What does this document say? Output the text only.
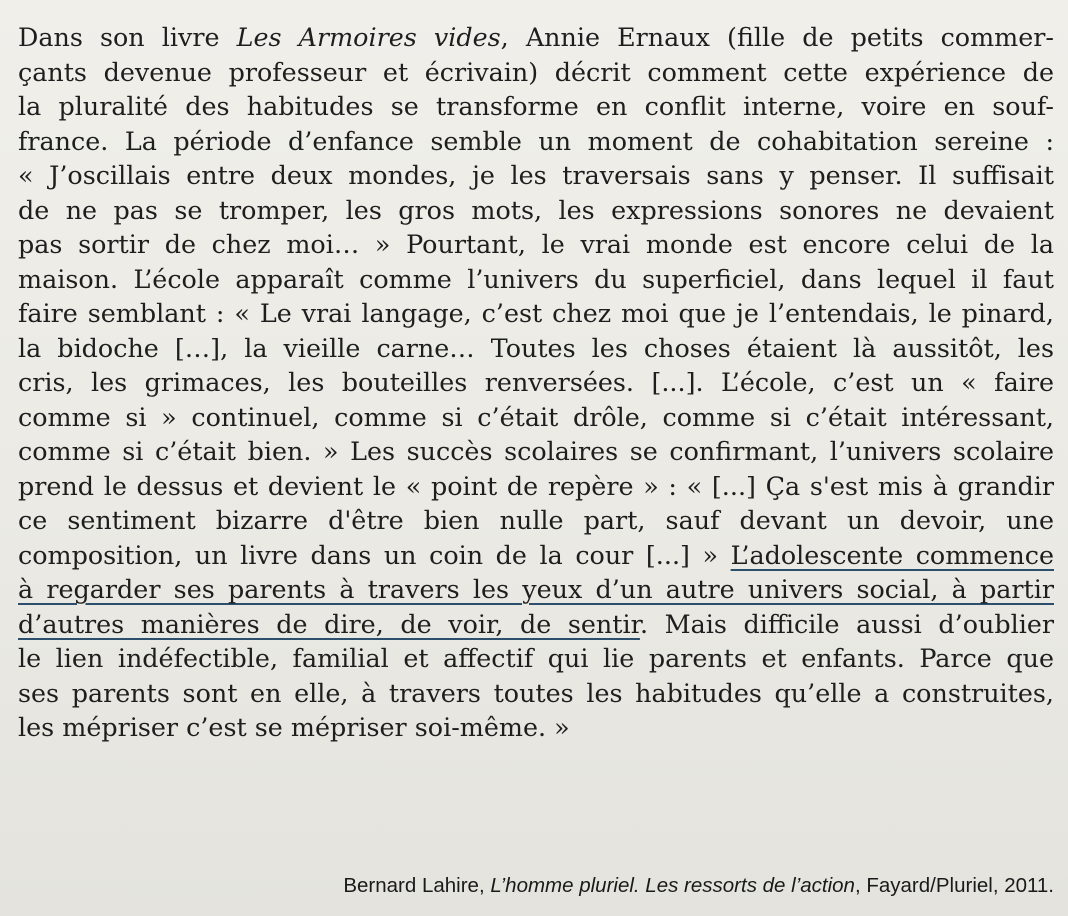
Dans son livre Les Armoires vides, Annie Ernaux (fille de petits commer-
çants devenue professeur et écrivain) décrit comment cette expérience de
la pluralité des habitudes se transforme en conflit interne, voire en souf-
france. La période d’enfance semble un moment de cohabitation sereine :
« J’oscillais entre deux mondes, je les traversais sans y penser. Il suffisait
de ne pas se tromper, les gros mots, les expressions sonores ne devaient
pas sortir de chez moi… » Pourtant, le vrai monde est encore celui de la
maison. L’école apparaît comme l’univers du superficiel, dans lequel il faut
faire semblant : « Le vrai langage, c’est chez moi que je l’entendais, le pinard,
la bidoche […], la vieille carne… Toutes les choses étaient là aussitôt, les
cris, les grimaces, les bouteilles renversées. [...]. L’école, c’est un « faire
comme si » continuel, comme si c’était drôle, comme si c’était intéressant,
comme si c’était bien. » Les succès scolaires se confirmant, l’univers scolaire
prend le dessus et devient le « point de repère » : « [...] Ça s'est mis à grandir
ce sentiment bizarre d'être bien nulle part, sauf devant un devoir, une
composition, un livre dans un coin de la cour [...] » L’adolescente commence
à regarder ses parents à travers les yeux d’un autre univers social, à partir
d’autres manières de dire, de voir, de sentir. Mais difficile aussi d’oublier
le lien indéfectible, familial et affectif qui lie parents et enfants. Parce que
ses parents sont en elle, à travers toutes les habitudes qu’elle a construites,
les mépriser c’est se mépriser soi-même. »
Bernard Lahire, L’homme pluriel. Les ressorts de l’action, Fayard/Pluriel, 2011.
